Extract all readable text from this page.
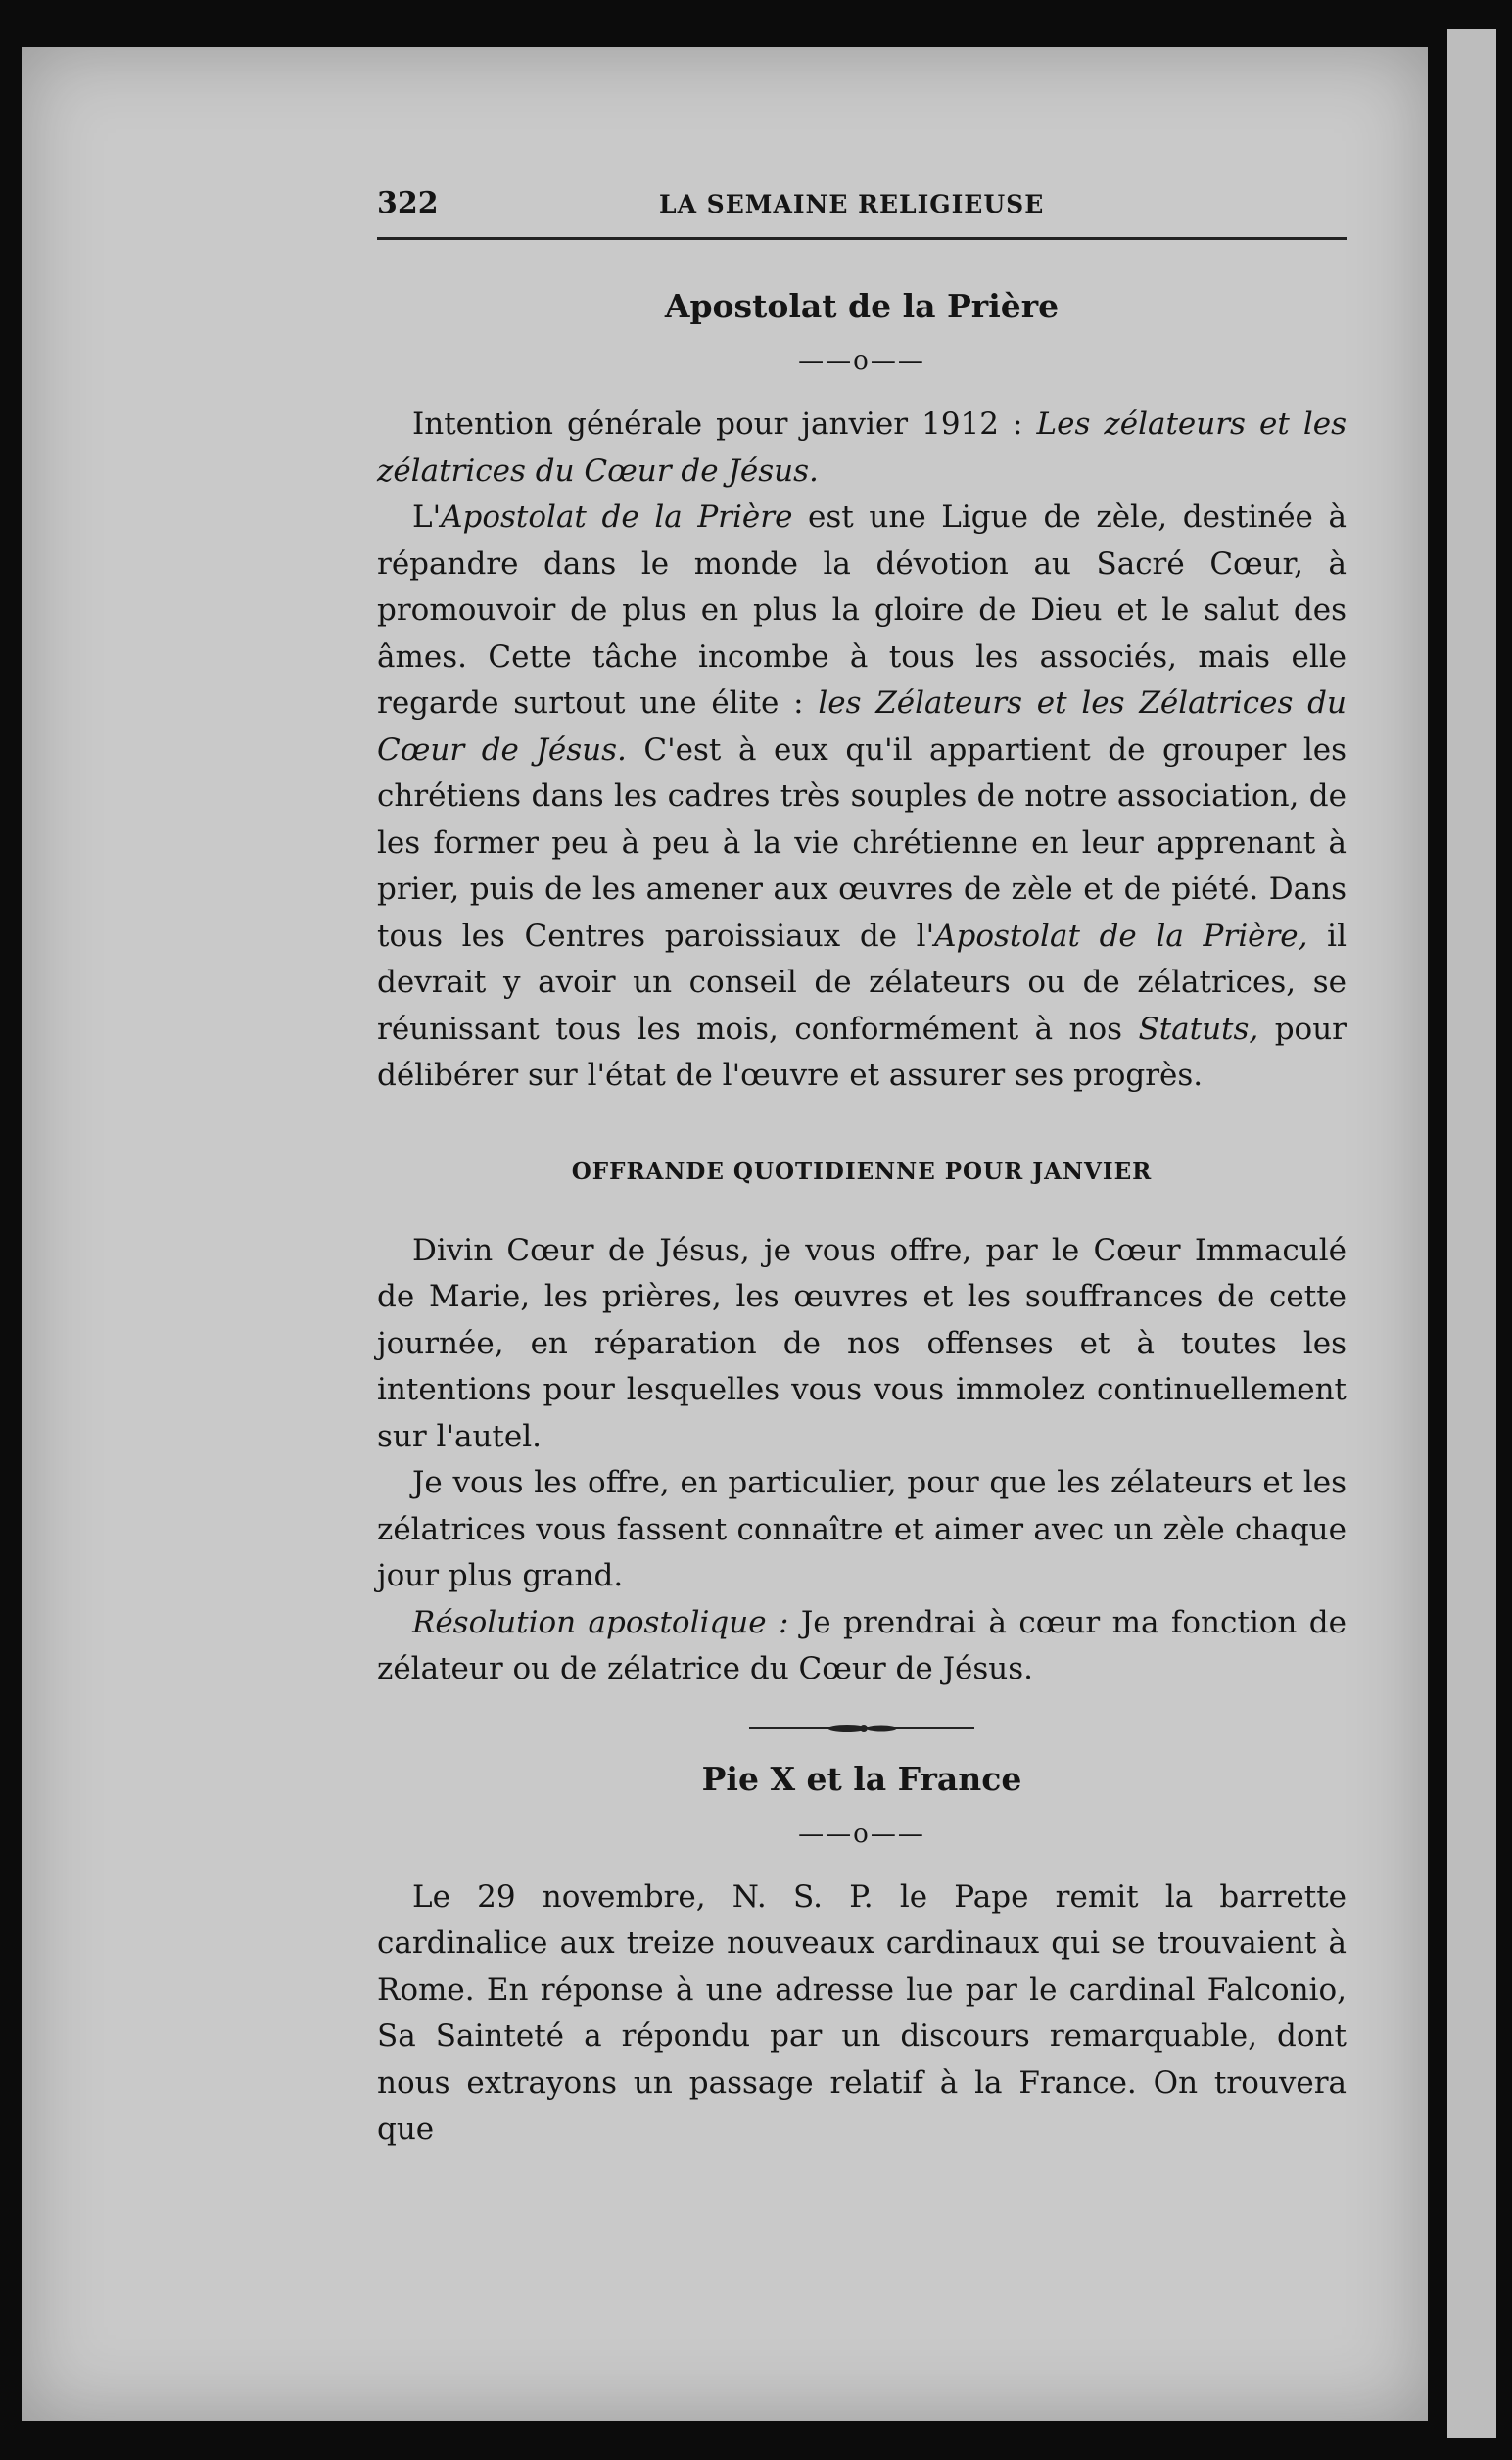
322	LA SEMAINE RELIGIEUSE
Apostolat de la Prière
——o——

Intention générale pour janvier 1912 : Les zélateurs et les zélatrices du Cœur de Jésus.

L'Apostolat de la Prière est une Ligue de zèle, destinée à répandre dans le monde la dévotion au Sacré Cœur, à promouvoir de plus en plus la gloire de Dieu et le salut des âmes. Cette tâche incombe à tous les associés, mais elle regarde surtout une élite : les Zélateurs et les Zélatrices du Cœur de Jésus. C'est à eux qu'il appartient de grouper les chrétiens dans les cadres très souples de notre association, de les former peu à peu à la vie chrétienne en leur apprenant à prier, puis de les amener aux œuvres de zèle et de piété. Dans tous les Centres paroissiaux de l'Apostolat de la Prière, il devrait y avoir un conseil de zélateurs ou de zélatrices, se réunissant tous les mois, conformément à nos Statuts, pour délibérer sur l'état de l'œuvre et assurer ses progrès.

OFFRANDE QUOTIDIENNE POUR JANVIER

Divin Cœur de Jésus, je vous offre, par le Cœur Immaculé de Marie, les prières, les œuvres et les souffrances de cette journée, en réparation de nos offenses et à toutes les intentions pour lesquelles vous vous immolez continuellement sur l'autel.

Je vous les offre, en particulier, pour que les zélateurs et les zélatrices vous fassent connaître et aimer avec un zèle chaque jour plus grand.

Résolution apostolique : Je prendrai à cœur ma fonction de zélateur ou de zélatrice du Cœur de Jésus.

Pie X et la France
——o——

Le 29 novembre, N. S. P. le Pape remit la barrette cardinalice aux treize nouveaux cardinaux qui se trouvaient à Rome. En réponse à une adresse lue par le cardinal Falconio, Sa Sainteté a répondu par un discours remarquable, dont nous extrayons un passage relatif à la France. On trouvera que
